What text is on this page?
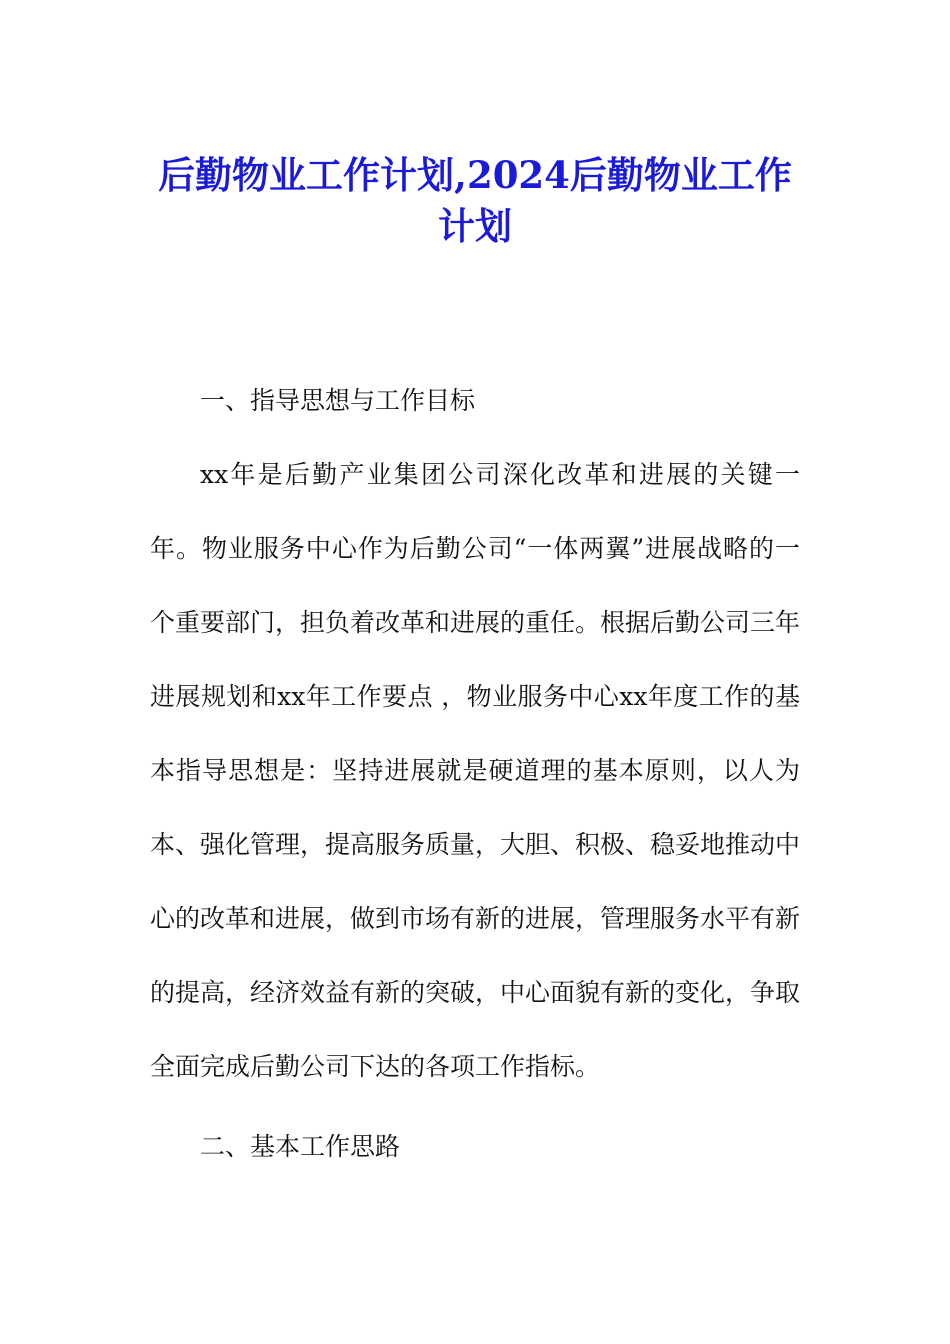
后勤物业工作计划,2024后勤物业工作计划
一、指导思想与工作目标
xx年是后勤产业集团公司深化改革和进展的关键一年。物业服务中心作为后勤公司“一体两翼”进展战略的一个重要部门，担负着改革和进展的重任。根据后勤公司三年进展规划和xx年工作要点 ，物业服务中心xx年度工作的基本指导思想是：坚持进展就是硬道理的基本原则，以人为本、强化管理，提高服务质量，大胆、积极、稳妥地推动中心的改革和进展，做到市场有新的进展，管理服务水平有新的提高，经济效益有新的突破，中心面貌有新的变化，争取全面完成后勤公司下达的各项工作指标。
二、基本工作思路
